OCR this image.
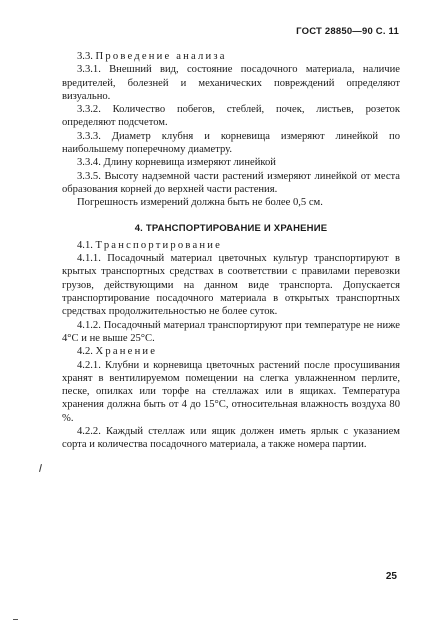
ГОСТ 28850—90 С. 11

3.3. Проведение анализа

3.3.1. Внешний вид, состояние посадочного материала, наличие вредителей, болезней и механических повреждений определяют визуально.

3.3.2. Количество побегов, стеблей, почек, листьев, розеток определяют подсчетом.

3.3.3. Диаметр клубня и корневища измеряют линейкой по наибольшему поперечному диаметру.

3.3.4. Длину корневища измеряют линейкой

3.3.5. Высоту надземной части растений измеряют линейкой от места образования корней до верхней части растения.

Погрешность измерений должна быть не более 0,5 см.

4. ТРАНСПОРТИРОВАНИЕ И ХРАНЕНИЕ

4.1. Транспортирование

4.1.1. Посадочный материал цветочных культур транспортируют в крытых транспортных средствах в соответствии с правилами перевозки грузов, действующими на данном виде транспорта. Допускается транспортирование посадочного материала в открытых транспортных средствах продолжительностью не более суток.

4.1.2. Посадочный материал транспортируют при температуре не ниже 4°С и не выше 25°С.

4.2. Хранение

4.2.1. Клубни и корневища цветочных растений после просушивания хранят в вентилируемом помещении на слегка увлажненном перлите, песке, опилках или торфе на стеллажах или в ящиках. Температура хранения должна быть от 4 до 15°С, относительная влажность воздуха 80 %.

4.2.2. Каждый стеллаж или ящик должен иметь ярлык с указанием сорта и количества посадочного материала, а также номера партии.

25
